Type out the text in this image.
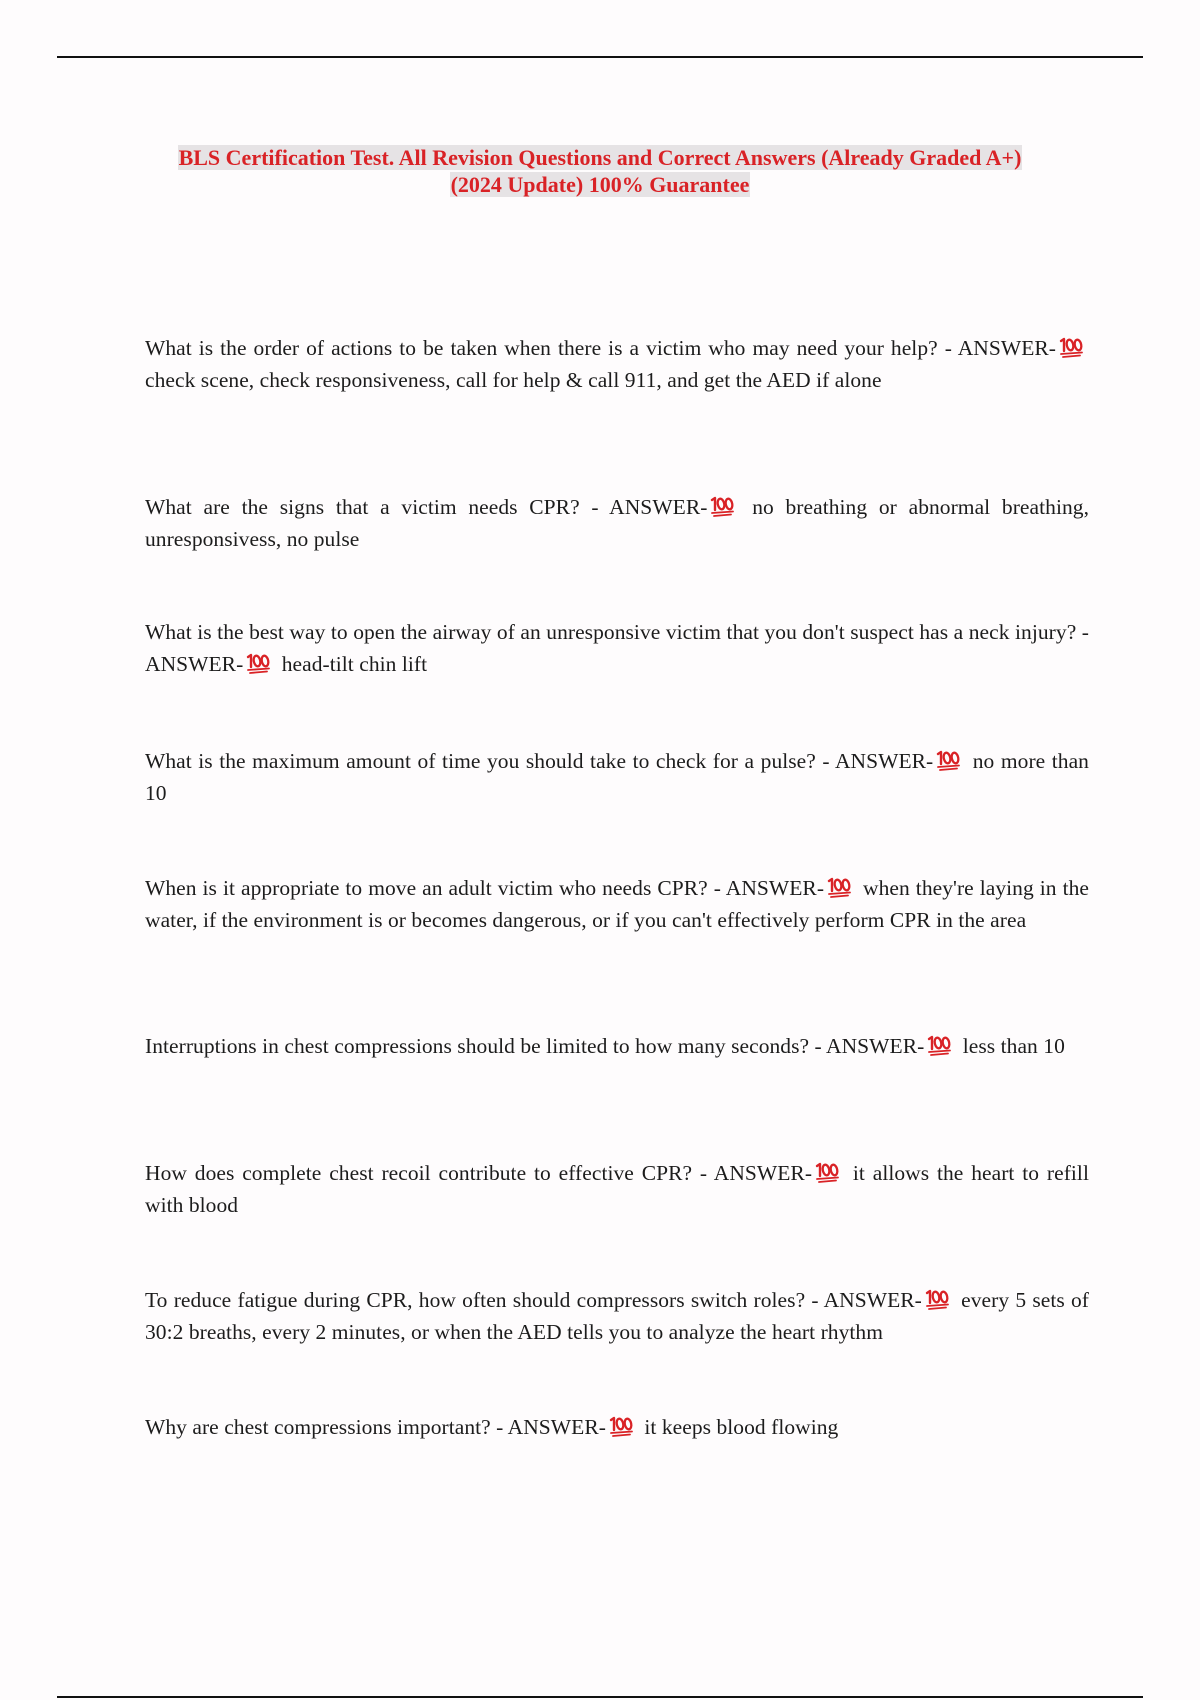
BLS Certification Test. All Revision Questions and Correct Answers (Already Graded A+)
(2024 Update) 100% Guarantee
What is the order of actions to be taken when there is a victim who may need your help? - ANSWER-
check scene, check responsiveness, call for help & call 911, and get the AED if alone
What are the signs that a victim needs CPR? - ANSWER- no breathing or abnormal breathing, unresponsivess, no pulse
What is the best way to open the airway of an unresponsive victim that you don't suspect has a neck injury? - ANSWER- head-tilt chin lift
What is the maximum amount of time you should take to check for a pulse? - ANSWER- no more than 10
When is it appropriate to move an adult victim who needs CPR? - ANSWER- when they're laying in the water, if the environment is or becomes dangerous, or if you can't effectively perform CPR in the area
Interruptions in chest compressions should be limited to how many seconds? - ANSWER- less than 10
How does complete chest recoil contribute to effective CPR? - ANSWER- it allows the heart to refill with blood
To reduce fatigue during CPR, how often should compressors switch roles? - ANSWER- every 5 sets of 30:2 breaths, every 2 minutes, or when the AED tells you to analyze the heart rhythm
Why are chest compressions important? - ANSWER- it keeps blood flowing
